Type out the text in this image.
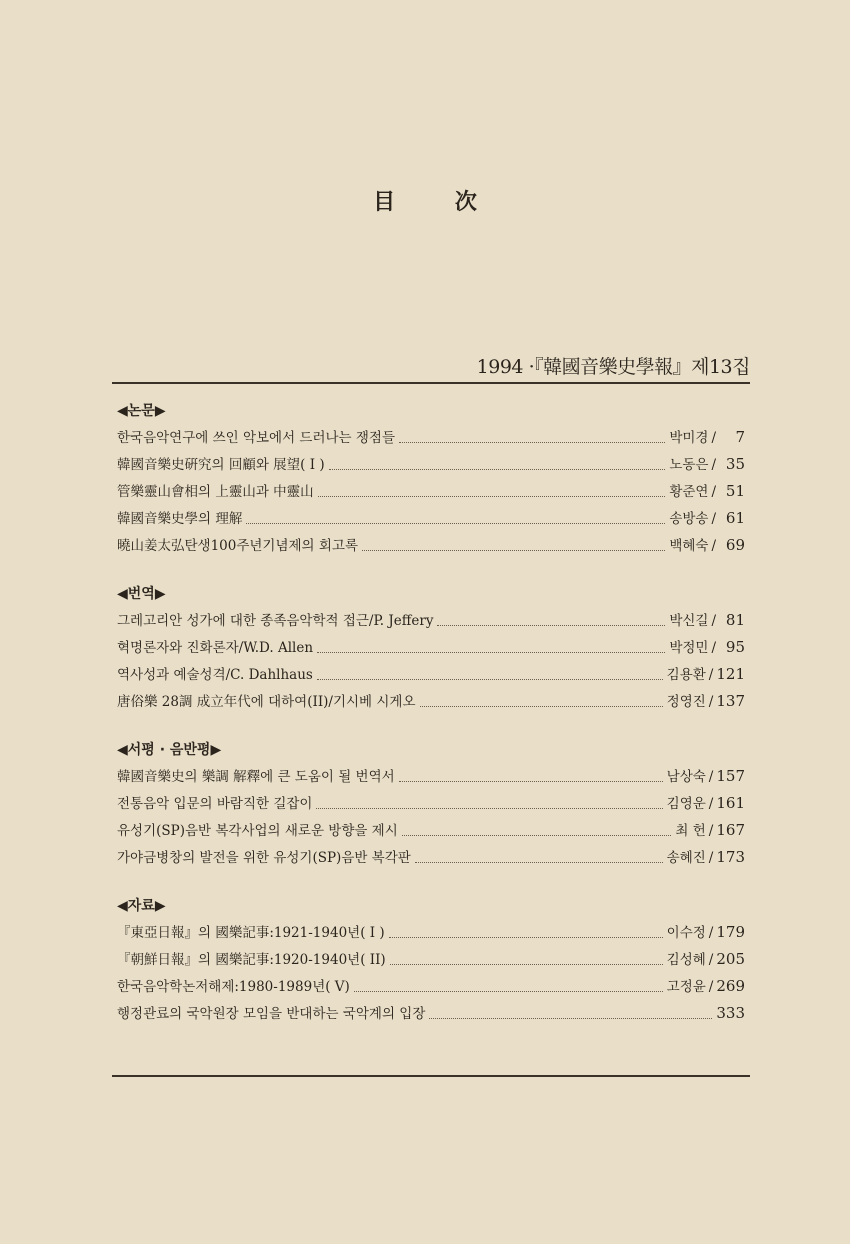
目 次
1994 ·『韓國音樂史學報』제13집
◀논문▶
한국음악연구에 쓰인 악보에서 드러나는 쟁점들	박미경 /	7
韓國音樂史硏究의 回顧와 展望( I )	노동은 / 35
管樂靈山會相의 上靈山과 中靈山	황준연 / 51
韓國音樂史學의 理解	송방송 / 61
曉山姜太弘탄생100주년기념제의 회고록	백혜숙 / 69
◀번역▶
그레고리안 성가에 대한 종족음악학적 접근/P. Jeffery	박신길 / 81
혁명론자와 진화론자/W.D. Allen	박정민 / 95
역사성과 예술성격/C. Dahlhaus	김용환 / 121
唐俗樂 28調 成立年代에 대하여(II)/기시베 시게오	정영진 / 137
◀서평 · 음반평▶
韓國音樂史의 樂調 解釋에 큰 도움이 될 번역서	남상숙 / 157
전통음악 입문의 바람직한 길잡이	김영운 / 161
유성기(SP)음반 복각사업의 새로운 방향을 제시	최 헌 / 167
가야금병창의 발전을 위한 유성기(SP)음반 복각판	송혜진 / 173
◀자료▶
『東亞日報』의 國樂記事:1921-1940년( I )	이수정 / 179
『朝鮮日報』의 國樂記事:1920-1940년( II)	김성혜 / 205
한국음악학논저해제:1980-1989년( V)	고정윤 / 269
행정관료의 국악원장 모임을 반대하는 국악계의 입장	333
